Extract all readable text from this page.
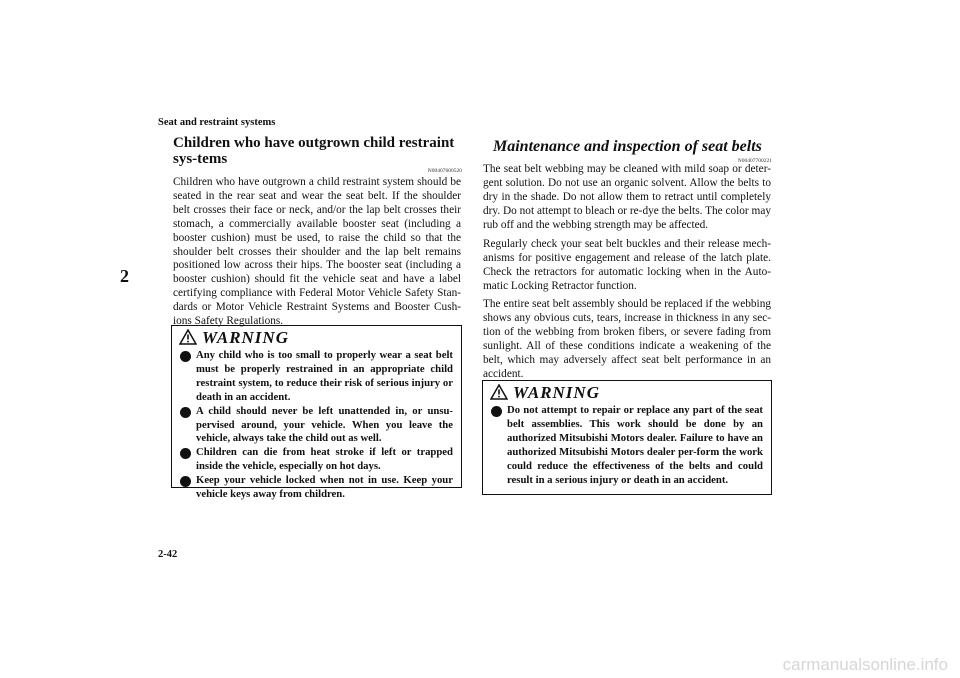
Seat and restraint systems
2
Children who have outgrown child restraint sys-tems
N00407600520

Children who have outgrown a child restraint system should be seated in the rear seat and wear the seat belt. If the shoulder belt crosses their face or neck, and/or the lap belt crosses their stomach, a commercially available booster seat (including a booster cushion) must be used, to raise the child so that the shoulder belt crosses their shoulder and the lap belt remains positioned low across their hips. The booster seat (including a booster cushion) should fit the vehicle seat and have a label certifying compliance with Federal Motor Vehicle Safety Stan-dards or Motor Vehicle Restraint Systems and Booster Cush-ions Safety Regulations.

WARNING
Any child who is too small to properly wear a seat belt must be properly restrained in an appropriate child restraint system, to reduce their risk of serious injury or death in an accident.
A child should never be left unattended in, or unsu-pervised around, your vehicle. When you leave the vehicle, always take the child out as well.
Children can die from heat stroke if left or trapped inside the vehicle, especially on hot days.
Keep your vehicle locked when not in use. Keep your vehicle keys away from children.
Maintenance and inspection of seat belts
N00407700221

The seat belt webbing may be cleaned with mild soap or deter-gent solution. Do not use an organic solvent. Allow the belts to dry in the shade. Do not allow them to retract until completely dry. Do not attempt to bleach or re-dye the belts. The color may rub off and the webbing strength may be affected.

Regularly check your seat belt buckles and their release mech-anisms for positive engagement and release of the latch plate. Check the retractors for automatic locking when in the Auto-matic Locking Retractor function.

The entire seat belt assembly should be replaced if the webbing shows any obvious cuts, tears, increase in thickness in any sec-tion of the webbing from broken fibers, or severe fading from sunlight. All of these conditions indicate a weakening of the belt, which may adversely affect seat belt performance in an accident.

WARNING
Do not attempt to repair or replace any part of the seat belt assemblies. This work should be done by an authorized Mitsubishi Motors dealer. Failure to have an authorized Mitsubishi Motors dealer per-form the work could reduce the effectiveness of the belts and could result in a serious injury or death in an accident.
2-42
carmanualsonline.info
